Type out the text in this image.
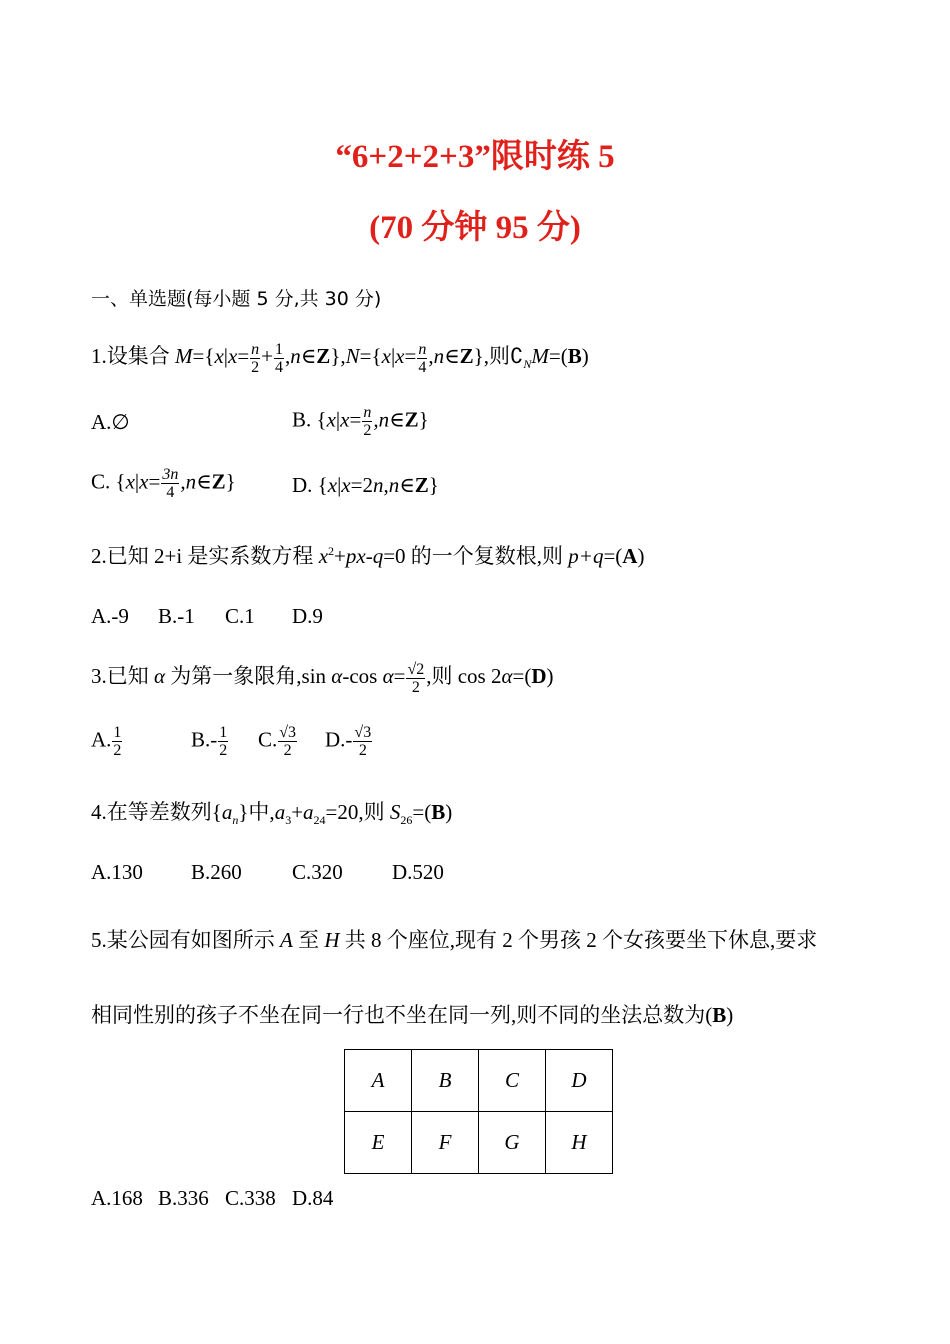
“6+2+2+3”限时练 5
(70 分钟 95 分)
一、单选题(每小题 5 分,共 30 分)
1.设集合 $M=\{x|x= \frac{n}{2} + \frac{1}{4}$ ,n∈Z},N={x|x= $\frac{n}{4}$ ,n∈Z},则$∁_NM=(B)$
A.∅	B. {$x|x= \frac{n}{2}$ ,n∈Z}
C. {$x|x= \frac{3n}{4}$ ,n∈Z}	D. {x|x=2n,n∈Z}
2.已知 2+i 是实系数方程 $x^2+px-q=0$ 的一个复数根,则 p+q=(A)
A.-9 B.-1 C.1 D.9
3.已知 α 为第一象限角,sin α-cos $\alpha= \frac{√2}{2}$ ,则 cos 2α=(D)
A. $\frac{1}{2}$	$B.- \frac{1}{2} C$. $\frac{√3}{2} D.- \frac{√3}{2}$
4.在等差数列$\{a_n\}$中$,a_3+a_{24}=20$,则 $S_{26}=(B)$
A.130 B.260 C.320 D.520
5.某公园有如图所示 A 至 H 共 8 个座位,现有 2 个男孩 2 个女孩要坐下休息,要求
相同性别的孩子不坐在同一行也不坐在同一列,则不同的坐法总数为(B)
A	B	C	D
E	F	G	H
A.168 B.336 C.338 D.84
